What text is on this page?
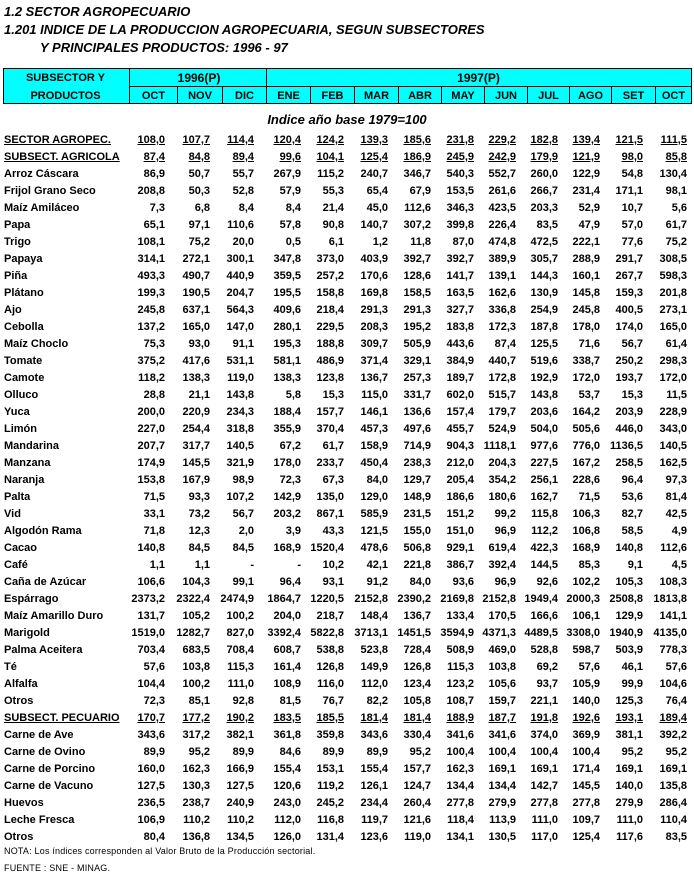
1.2 SECTOR AGROPECUARIO
1.201 INDICE DE LA PRODUCCION AGROPECUARIA, SEGUN SUBSECTORES
Y PRINCIPALES PRODUCTOS: 1996 - 97
SUBSECTOR Y
PRODUCTOS
1996(P)	1997(P)
OCT	NOV	DIC	ENE	FEB	MAR	ABR	MAY	JUN	JUL	AGO	SET	OCT
Indice año base 1979=100
SECTOR AGROPEC. 108,0 107,7 114,4 120,4 124,2 139,3 185,6 231,8 229,2 182,8 139,4 121,5 111,5
SUBSECT. AGRICOLA 87,4 84,8 89,4 99,6 104,1 125,4 186,9 245,9 242,9 179,9 121,9 98,0 85,8
Arroz Cáscara	86,9 50,7 55,7 267,9 115,2 240,7 346,7 540,3 552,7 260,0 122,9 54,8 130,4
Frijol Grano Seco	208,8 50,3 52,8 57,9 55,3 65,4 67,9 153,5 261,6 266,7 231,4 171,1 98,1
Maíz Amiláceo	7,3	6,8	8,4	8,4 21,4 45,0 112,6 346,3 423,5 203,3 52,9 10,7	5,6
Papa	65,1 97,1 110,6 57,8 90,8 140,7 307,2 399,8 226,4 83,5 47,9 57,0 61,7
Trigo	108,1 75,2 20,0	0,5	6,1	1,2 11,8 87,0 474,8 472,5 222,1 77,6 75,2
Papaya	314,1 272,1 300,1 347,8 373,0 403,9 392,7 392,7 389,9 305,7 288,9 291,7 308,5
Piña	493,3 490,7 440,9 359,5 257,2 170,6 128,6 141,7 139,1 144,3 160,1 267,7 598,3
Plátano	199,3 190,5 204,7 195,5 158,8 169,8 158,5 163,5 162,6 130,9 145,8 159,3 201,8
Ajo	245,8 637,1 564,3 409,6 218,4 291,3 291,3 327,7 336,8 254,9 245,8 400,5 273,1
Cebolla	137,2 165,0 147,0 280,1 229,5 208,3 195,2 183,8 172,3 187,8 178,0 174,0 165,0
Maíz Choclo	75,3 93,0 91,1 195,3 188,8 309,7 505,9 443,6 87,4 125,5 71,6 56,7 61,4
Tomate	375,2 417,6 531,1 581,1 486,9 371,4 329,1 384,9 440,7 519,6 338,7 250,2 298,3
Camote	118,2 138,3 119,0 138,3 123,8 136,7 257,3 189,7 172,8 192,9 172,0 193,7 172,0
Olluco	28,8 21,1 143,8	5,8 15,3 115,0 331,7 602,0 515,7 143,8 53,7 15,3 11,5
Yuca	200,0 220,9 234,3 188,4 157,7 146,1 136,6 157,4 179,7 203,6 164,2 203,9 228,9
Limón	227,0 254,4 318,8 355,9 370,4 457,3 497,6 455,7 524,9 504,0 505,6 446,0 343,0
Mandarina	207,7 317,7 140,5 67,2 61,7 158,9 714,9 904,3 1118,1 977,6 776,0 1136,5 140,5
Manzana	174,9 145,5 321,9 178,0 233,7 450,4 238,3 212,0 204,3 227,5 167,2 258,5 162,5
Naranja	153,8 167,9 98,9 72,3 67,3 84,0 129,7 205,4 354,2 256,1 228,6 96,4 97,3
Palta	71,5 93,3 107,2 142,9 135,0 129,0 148,9 186,6 180,6 162,7 71,5 53,6 81,4
Vid	33,1 73,2 56,7 203,2 867,1 585,9 231,5 151,2 99,2 115,8 106,3 82,7 42,5
Algodón Rama	71,8 12,3	2,0	3,9 43,3 121,5 155,0 151,0 96,9 112,2 106,8 58,5	4,9
Cacao	140,8 84,5 84,5 168,9 1520,4 478,6 506,8 929,1 619,4 422,3 168,9 140,8 112,6
Café	1,1	1,1	-	- 10,2 42,1 221,8 386,7 392,4 144,5 85,3	9,1	4,5
Caña de Azúcar	106,6 104,3 99,1 96,4 93,1 91,2 84,0 93,6 96,9 92,6 102,2 105,3 108,3
Espárrago	2373,2 2322,4 2474,9 1864,7 1220,5 2152,8 2390,2 2169,8 2152,8 1949,4 2000,3 2508,8 1813,8
Maíz Amarillo Duro	131,7 105,2 100,2 204,0 218,7 148,4 136,7 133,4 170,5 166,6 106,1 129,9 141,1
Marigold	1519,0 1282,7 827,0 3392,4 5822,8 3713,1 1451,5 3594,9 4371,3 4489,5 3308,0 1940,9 4135,0
Palma Aceitera	703,4 683,5 708,4 608,7 538,8 523,8 728,4 508,9 469,0 528,8 598,7 503,9 778,3
Té	57,6 103,8 115,3 161,4 126,8 149,9 126,8 115,3 103,8 69,2 57,6 46,1 57,6
Alfalfa	104,4 100,2 111,0 108,9 116,0 112,0 123,4 123,2 105,6 93,7 105,9 99,9 104,6
Otros	72,3 85,1 92,8 81,5 76,7 82,2 105,8 108,7 159,7 221,1 140,0 125,3 76,4
SUBSECT. PECUARIO 170,7 177,2 190,2 183,5 185,5 181,4 181,4 188,9 187,7 191,8 192,6 193,1 189,4
Carne de Ave	343,6 317,2 382,1 361,8 359,8 343,6 330,4 341,6 341,6 374,0 369,9 381,1 392,2
Carne de Ovino	89,9 95,2 89,9 84,6 89,9 89,9 95,2 100,4 100,4 100,4 100,4 95,2 95,2
Carne de Porcino	160,0 162,3 166,9 155,4 153,1 155,4 157,7 162,3 169,1 169,1 171,4 169,1 169,1
Carne de Vacuno	127,5 130,3 127,5 120,6 119,2 126,1 124,7 134,4 134,4 142,7 145,5 140,0 135,8
Huevos	236,5 238,7 240,9 243,0 245,2 234,4 260,4 277,8 279,9 277,8 277,8 279,9 286,4
Leche Fresca	106,9 110,2 110,2 112,0 116,8 119,7 121,6 118,4 113,9 111,0 109,7 111,0 110,4
Otros	80,4 136,8 134,5 126,0 131,4 123,6 119,0 134,1 130,5 117,0 125,4 117,6 83,5
NOTA: Los índices corresponden al Valor Bruto de la Producción sectorial.
FUENTE : SNE - MINAG.
